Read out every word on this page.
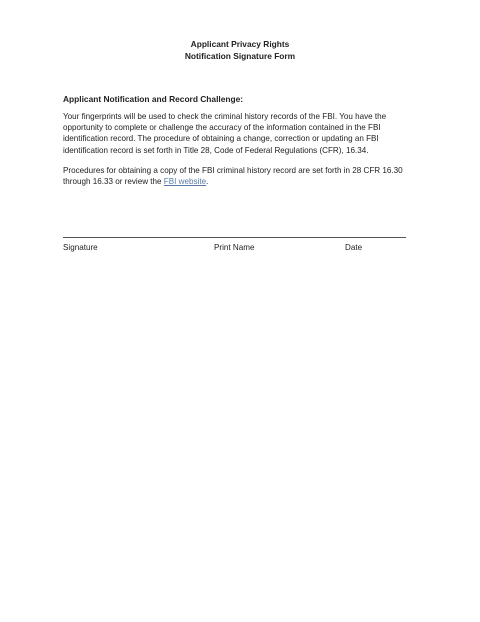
Applicant Privacy Rights
Notification Signature Form
Applicant Notification and Record Challenge:
Your fingerprints will be used to check the criminal history records of the FBI. You have the opportunity to complete or challenge the accuracy of the information contained in the FBI identification record. The procedure of obtaining a change, correction or updating an FBI identification record is set forth in Title 28, Code of Federal Regulations (CFR), 16.34.
Procedures for obtaining a copy of the FBI criminal history record are set forth in 28 CFR 16.30 through 16.33 or review the FBI website.
Signature	Print Name	Date
